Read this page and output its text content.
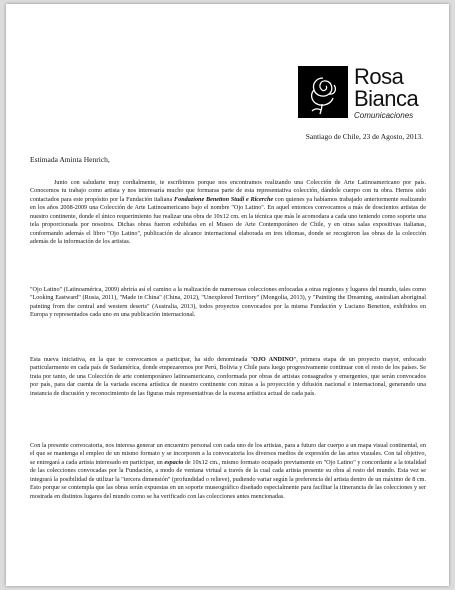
Rosa
Bianca
Comunicaciones
Santiago de Chile, 23 de Agosto, 2013.
Estimada Aminta Henrich,
Junto con saludarte muy cordialmente, te escribimos porque nos encontramos realizando una Colección de Arte Latinoamericano por país. Conocemos tu trabajo como artista y nos interesaría mucho que formaras parte de esta representativa colección, dándole cuerpo con tu obra. Hemos sido contactados para este propósito por la Fundación italiana Fondazione Benetton Studi e Ricerche con quienes ya habíamos trabajado anteriormente realizando en los años 2008-2009 una Colección de Arte Latinoamericano bajo el nombre "Ojo Latino". En aquel entonces convocamos a más de doscientos artistas de nuestro continente, donde el único requerimiento fue realizar una obra de 10x12 cm. en la técnica que más le acomodara a cada uno teniendo como soporte una tela proporcionada por nosotros. Dichas obras fueron exhibidas en el Museo de Arte Contemporáneo de Chile, y en otras salas expositivas italianas, conformando además el libro "Ojo Latino", publicación de alcance internacional elaborada en tres idiomas, donde se recogieron las obras de la colección además de la información de los artistas.
"Ojo Latino" (Latinoamérica, 2009) abriría así el camino a la realización de numerosas colecciones enfocadas a otras regiones y lugares del mundo, tales como "Looking Eastward" (Rusia, 2011), "Made in China" (China, 2012), "Unexplored Territory" (Mongolia, 2013), y "Painting the Dreaming, australian aboriginal painting from the central and western deserts" (Australia, 2013), todos proyectos convocados por la misma Fundación y Luciano Benetton, exhibidos en Europa y representados cada uno en una publicación internacional.
Esta nueva iniciativa, en la que te convocamos a participar, ha sido denominada "OJO ANDINO", primera etapa de un proyecto mayor, enfocado particularmente en cada país de Sudamérica, donde empezaremos por Perú, Bolivia y Chile para luego progresivamente continuar con el resto de los países. Se trata por tanto, de una Colección de arte contemporáneo latinoamericano, conformada por obras de artistas consagrados y emergentes, que serán convocados por país, para dar cuenta de la variada escena artística de nuestro continente con miras a la proyección y difusión nacional e internacional, generando una instancia de discusión y reconocimiento de las figuras más representativas de la escena artística actual de cada país.
Con la presente convocatoria, nos interesa generar un encuentro personal con cada uno de los artistas, para a futuro dar cuerpo a un mapa visual continental, en el que se mantenga el empleo de un mismo formato y se incorporen a la convocatoria los diversos medios de expresión de las artes visuales. Con tal objetivo, se entregará a cada artista interesado en participar, un espacio de 10x12 cm., mismo formato ocupado previamente en "Ojo Latino" y concordante a la totalidad de las colecciones convocadas por la Fundación, a modo de ventana virtual a través de la cual cada artista presente su obra al resto del mundo. Esta vez se integrará la posibilidad de utilizar la "tercera dimensión" (profundidad o relieve), pudiendo variar según la preferencia del artista dentro de un máximo de 8 cm. Esto porque se contempla que las obras serán expuestas en un soporte museográfico diseñado especialmente para facilitar la itinerancia de las colecciones y ser mostrada en distintos lugares del mundo como se ha verificado con las colecciones antes mencionadas.
